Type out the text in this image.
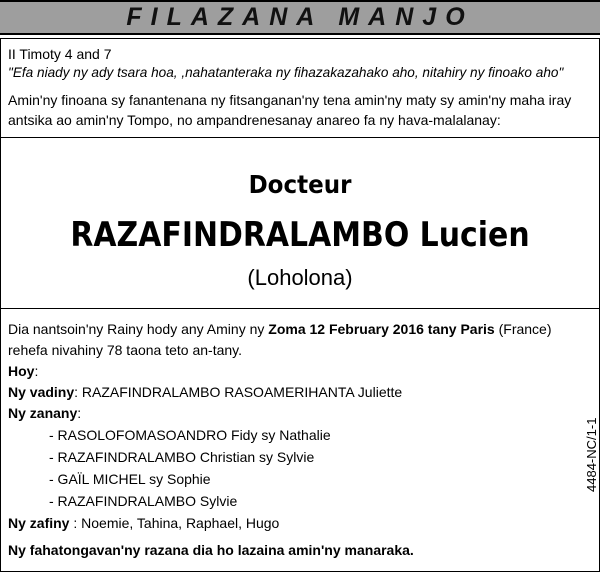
FILAZANA MANJO
II Timoty 4 and 7
"Efa niady ny ady tsara hoa, ,nahatanteraka ny fihazakazahako aho, nitahiry ny finoako aho"
Amin'ny finoana sy fanantenana ny fitsanganan'ny tena amin'ny maty sy amin'ny maha iray
antsika ao amin'ny Tompo, no ampandrenesanay anareo fa ny hava-malalanay:
Docteur
RAZAFINDRALAMBO Lucien
(Loholona)
Dia nantsoin'ny Rainy hody any Aminy ny Zoma 12 February 2016 tany Paris (France)
rehefa nivahiny 78 taona teto an-tany.
Hoy:
Ny vadiny: RAZAFINDRALAMBO RASOAMERIHANTA Juliette
Ny zanany:
- RASOLOFOMASOANDRO Fidy sy Nathalie
- RAZAFINDRALAMBO Christian sy Sylvie
- GAÏL MICHEL sy Sophie
- RAZAFINDRALAMBO Sylvie
Ny zafiny : Noemie, Tahina, Raphael, Hugo
Ny fahatongavan'ny razana dia ho lazaina amin'ny manaraka.
4484-NC/1-1
